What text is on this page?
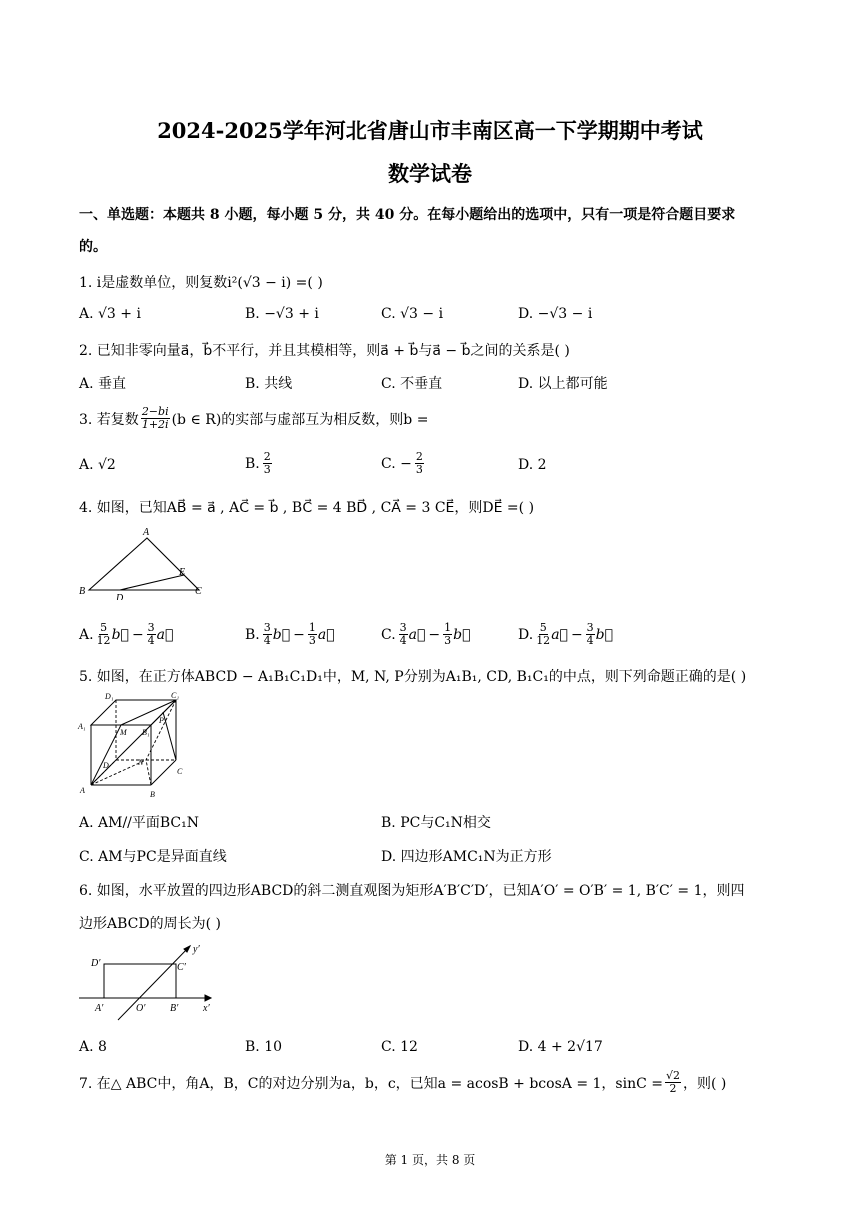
2024-2025学年河北省唐山市丰南区高一下学期期中考试
数学试卷
一、单选题：本题共 8 小题，每小题 5 分，共 40 分。在每小题给出的选项中，只有一项是符合题目要求
的。
1. i是虚数单位，则复数i²(√3 − i) =( )
A. √3 + i	B. −√3 + i	C. √3 − i	D. −√3 − i
2. 已知非零向量a⃗，b⃗不平行，并且其模相等，则a⃗ + b⃗与a⃗ − b⃗之间的关系是( )
A. 垂直	B. 共线	C. 不垂直	D. 以上都可能
3. 若复数 $\frac{2-bi}{1+2i} (b$ ∈ R)的实部与虚部互为相反数，则b =
A. √2	B. $\frac{2}{3}$	C. − $\frac{2}{3}$	D. 2
4. 如图，已知AB⃗ = a⃗ , AC⃗ = b⃗ , BC⃗ = 4 BD⃗ , CA⃗ = 3 CE⃗，则DE⃗ =( )
A
B	C
D
E
A. 5
12 b⃗ − $\frac{3}{4}$ a⃗	B. 3
4 b⃗ − $\frac{1}{3}$ a⃗	C. 3
4 a⃗ − $\frac{1}{3}$ b⃗	D. 5
12 a⃗ − $\frac{3}{4}$ b⃗
5. 如图，在正方体ABCD − A₁B₁C₁D₁中，M, N, P分别为A₁B₁, CD, B₁C₁的中点，则下列命题正确的是( )
D₁	C₁
A₁
M B₁
P
D	N
C
A	B
A. AM//平面BC₁N	B. PC与C₁N相交
C. AM与PC是异面直线	D. 四边形AMC₁N为正方形
6. 如图，水平放置的四边形ABCD的斜二测直观图为矩形A′B′C′D′，已知A′O′ = O′B′ = 1, B′C′ = 1，则四
边形ABCD的周长为( )
D′	C′
y′
A′	O′ B′ x′
A. 8	B. 10	C. 12	D. 4 + 2√17
7. 在△ ABC中，角A，B，C的对边分别为a，b，c，已知a = acosB + bcosA = 1，$\sin C = \frac{√2}{2}$ ，则( )
第 1 页，共 8 页
